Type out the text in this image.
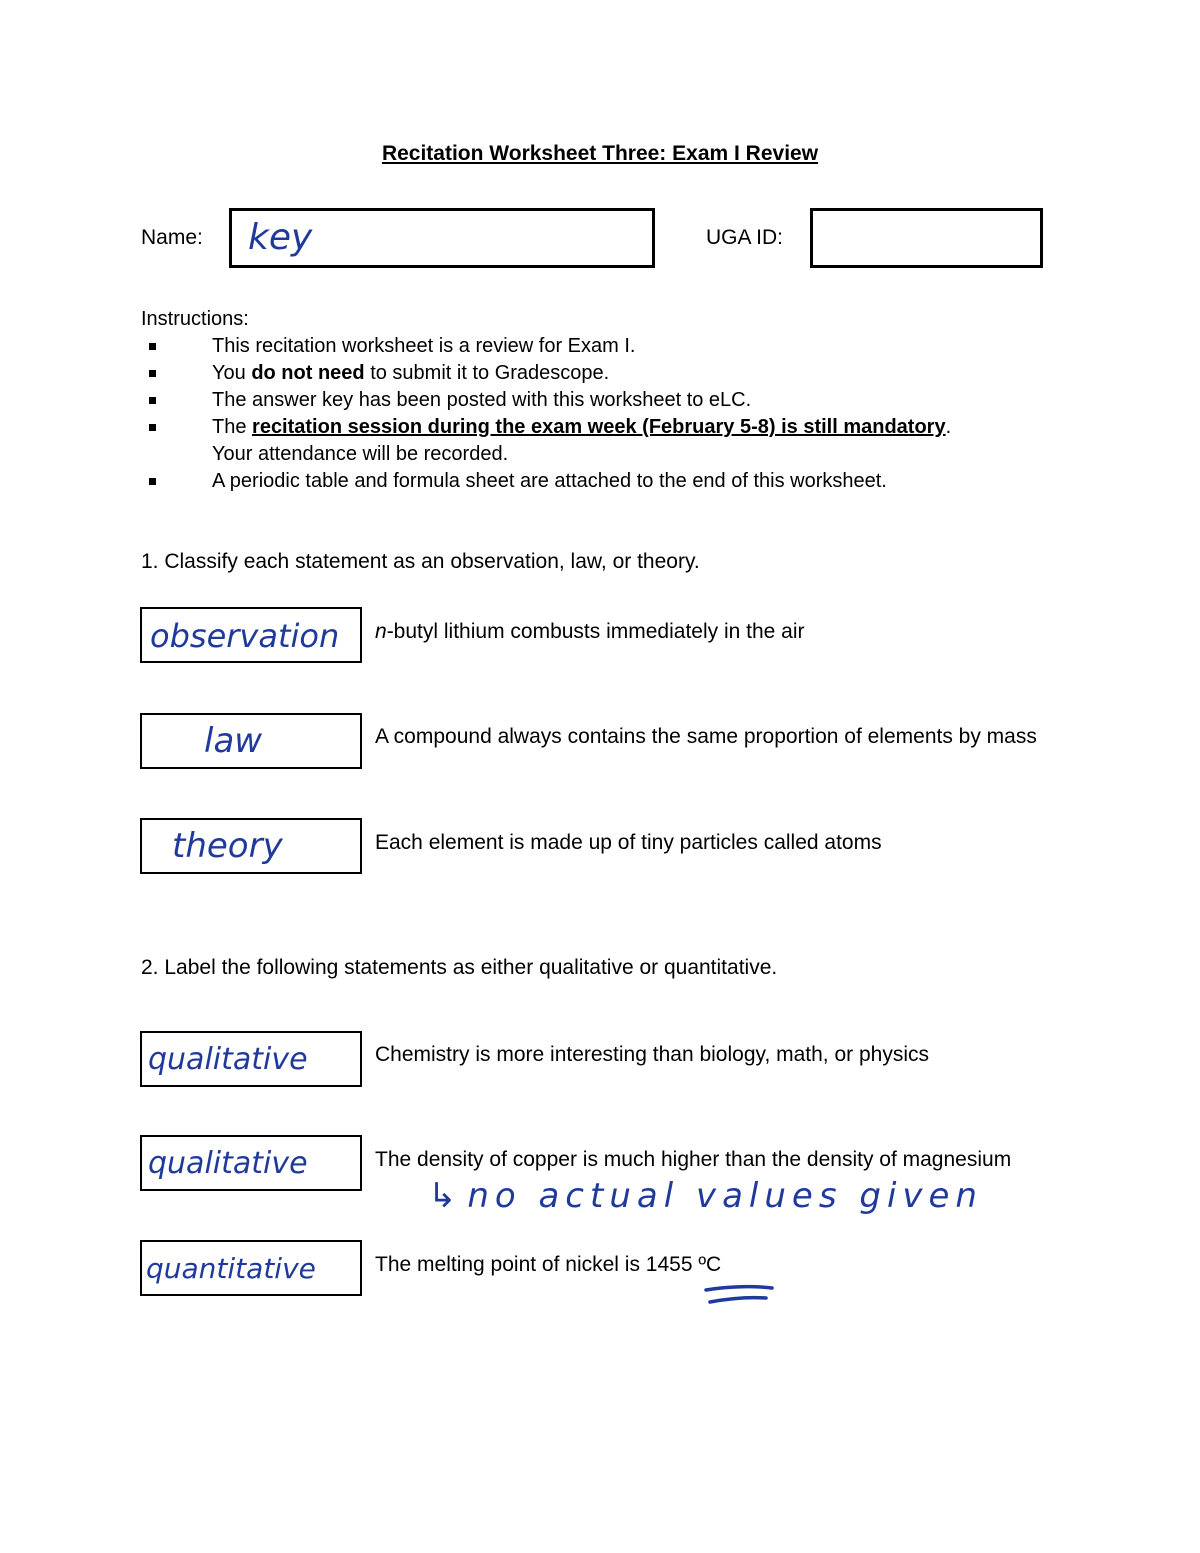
Recitation Worksheet Three: Exam I Review
Name: key	UGA ID:
Instructions:
This recitation worksheet is a review for Exam I.
You do not need to submit it to Gradescope.
The answer key has been posted with this worksheet to eLC.
The recitation session during the exam week (February 5-8) is still mandatory. Your attendance will be recorded.
A periodic table and formula sheet are attached to the end of this worksheet.
1. Classify each statement as an observation, law, or theory.
observation n-butyl lithium combusts immediately in the air
law	A compound always contains the same proportion of elements by mass
theory	Each element is made up of tiny particles called atoms
2. Label the following statements as either qualitative or quantitative.
qualitative	Chemistry is more interesting than biology, math, or physics
qualitative	The density of copper is much higher than the density of magnesium
↳ no actual values given
quantitative	The melting point of nickel is 1455 ºC
